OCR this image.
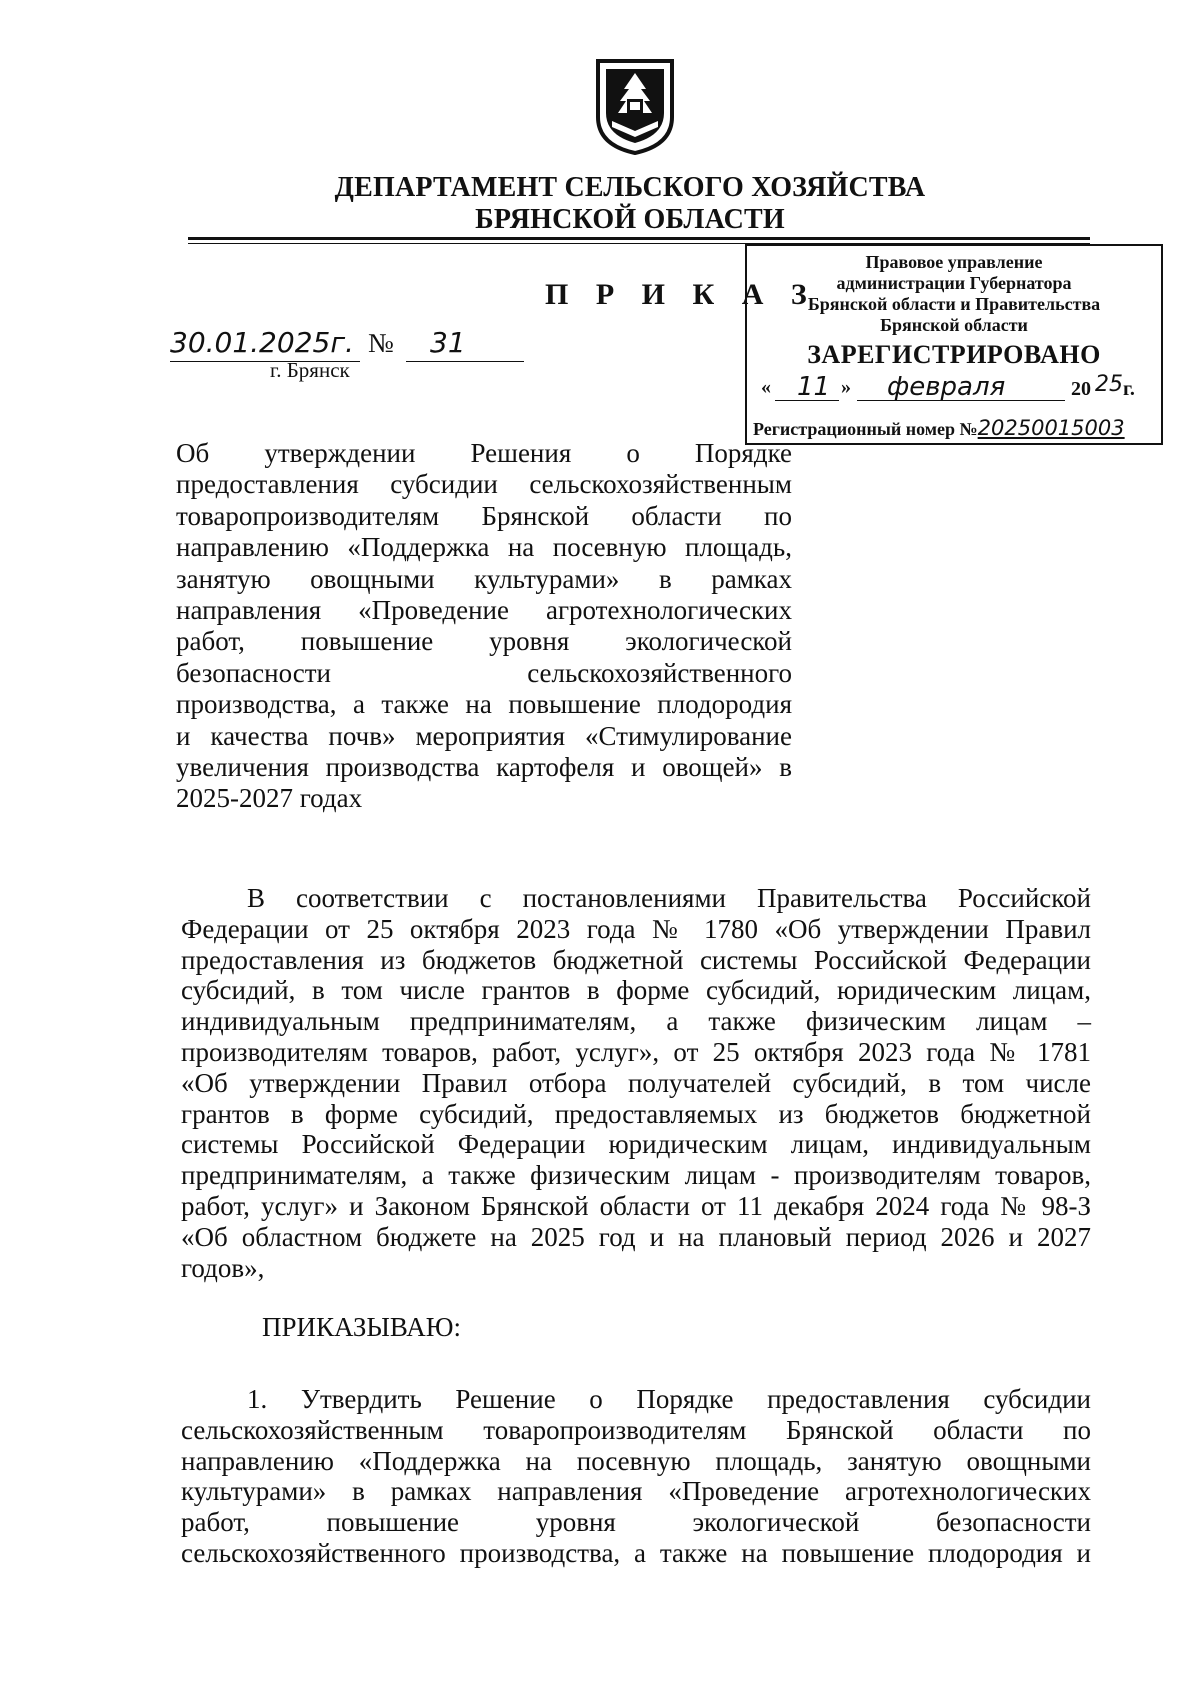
ДЕПАРТАМЕНТ СЕЛЬСКОГО ХОЗЯЙСТВА
БРЯНСКОЙ ОБЛАСТИ
Правовое управление
администрации Губернатора
Брянской области и Правительства
Брянской области
ЗАРЕГИСТРИРОВАНО
« 11 » февраля	20 25 г.
Регистрационный номер №20250015003
П Р И К А З
30.01.2025г. № 31
г. Брянск
Об утверждении Решения о Порядке
предоставления субсидии сельскохозяйственным
товаропроизводителям Брянской области по
направлению «Поддержка на посевную площадь,
занятую овощными культурами» в рамках
направления «Проведение агротехнологических
работ, повышение уровня экологической
безопасности сельскохозяйственного
производства, а также на повышение плодородия
и качества почв» мероприятия «Стимулирование
увеличения производства картофеля и овощей» в
2025-2027 годах
В соответствии с постановлениями Правительства Российской
Федерации от 25 октября 2023 года № 1780 «Об утверждении Правил
предоставления из бюджетов бюджетной системы Российской Федерации
субсидий, в том числе грантов в форме субсидий, юридическим лицам,
индивидуальным предпринимателям, а также физическим лицам –
производителям товаров, работ, услуг», от 25 октября 2023 года № 1781
«Об утверждении Правил отбора получателей субсидий, в том числе
грантов в форме субсидий, предоставляемых из бюджетов бюджетной
системы Российской Федерации юридическим лицам, индивидуальным
предпринимателям, а также физическим лицам - производителям товаров,
работ, услуг» и Законом Брянской области от 11 декабря 2024 года № 98-З
«Об областном бюджете на 2025 год и на плановый период 2026 и 2027
годов»,
ПРИКАЗЫВАЮ:
1. Утвердить Решение о Порядке предоставления субсидии
сельскохозяйственным товаропроизводителям Брянской области по
направлению «Поддержка на посевную площадь, занятую овощными
культурами» в рамках направления «Проведение агротехнологических
работ, повышение уровня экологической безопасности
сельскохозяйственного производства, а также на повышение плодородия и
